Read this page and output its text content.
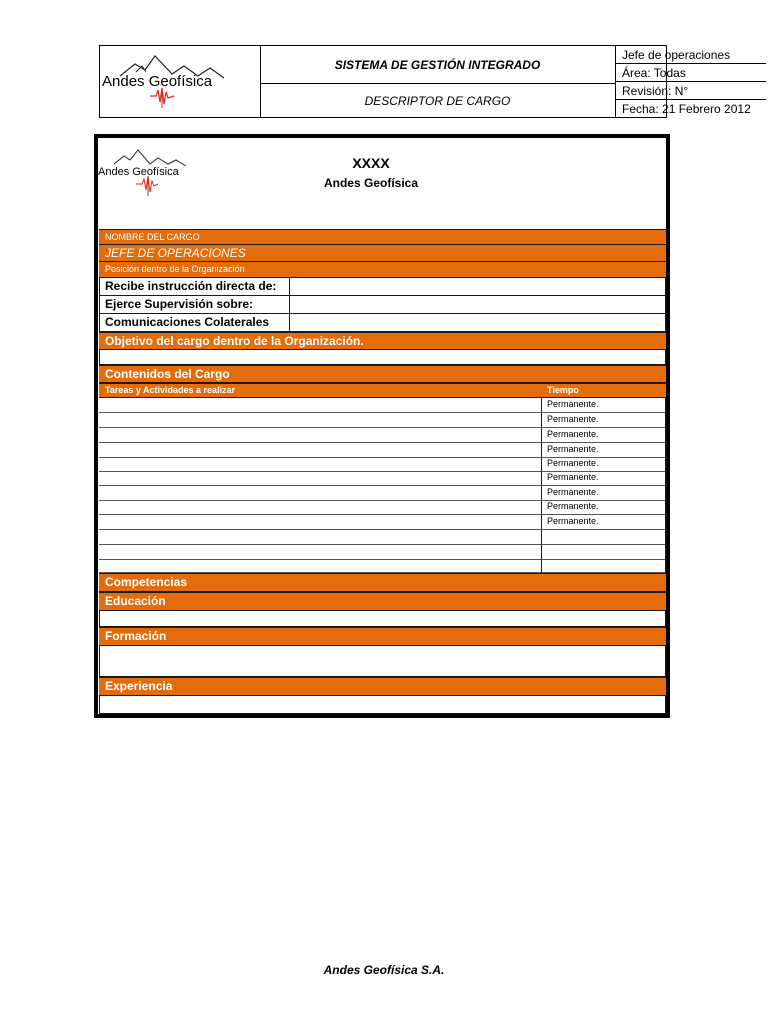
Andes Geofísica
SISTEMA DE GESTIÓN INTEGRADO
DESCRIPTOR DE CARGO
Jefe de operaciones
Área: Todas
Revisión: N°
Fecha: 21 Febrero 2012
Andes Geofísica
XXXX
Andes Geofísica
NOMBRE DEL CARGO
JEFE DE OPERACIONES
Posición dentro de la Organización
Recibe instrucción directa de:
Ejerce Supervisión sobre:
Comunicaciones Colaterales
Objetivo del cargo dentro de la Organización.
Contenidos del Cargo
Tareas y Actividades a realizar	Tiempo
Permanente.
Permanente.
Permanente.
Permanente.
Permanente.
Permanente.
Permanente.
Permanente.
Permanente.
Competencias
Educación
Formación
Experiencia
Andes Geofísica S.A.
